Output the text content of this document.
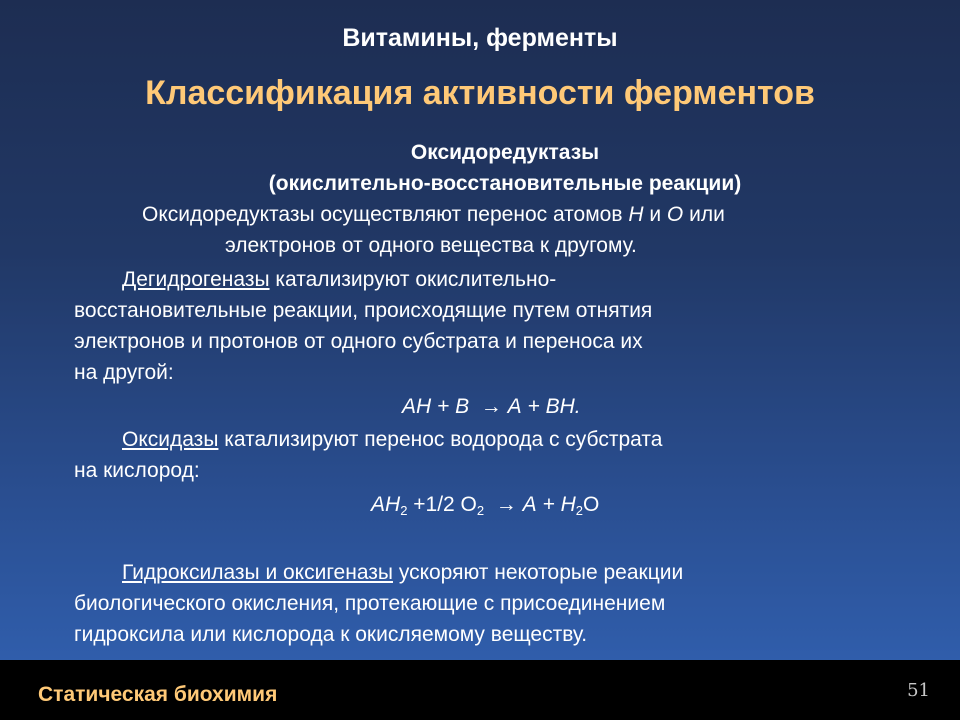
Витамины, ферменты
Классификация активности ферментов
Оксидоредуктазы
(окислительно-восстановительные реакции)
Оксидоредуктазы осуществляют перенос атомов Н и О или
электронов от одного вещества к другому.
Дегидрогеназы катализируют окислительно-
восстановительные реакции, происходящие путем отнятия
электронов и протонов от одного субстрата и переноса их
на другой:
АН + В → А + ВН.
Оксидазы катализируют перенос водорода с субстрата
на кислород:
$АН_2 +1/2$ $О_2 \to А + Н_2О$
Гидроксилазы и оксигеназы ускоряют некоторые реакции
биологического окисления, протекающие с присоединением
гидроксила или кислорода к окисляемому веществу.
Статическая биохимия	51
